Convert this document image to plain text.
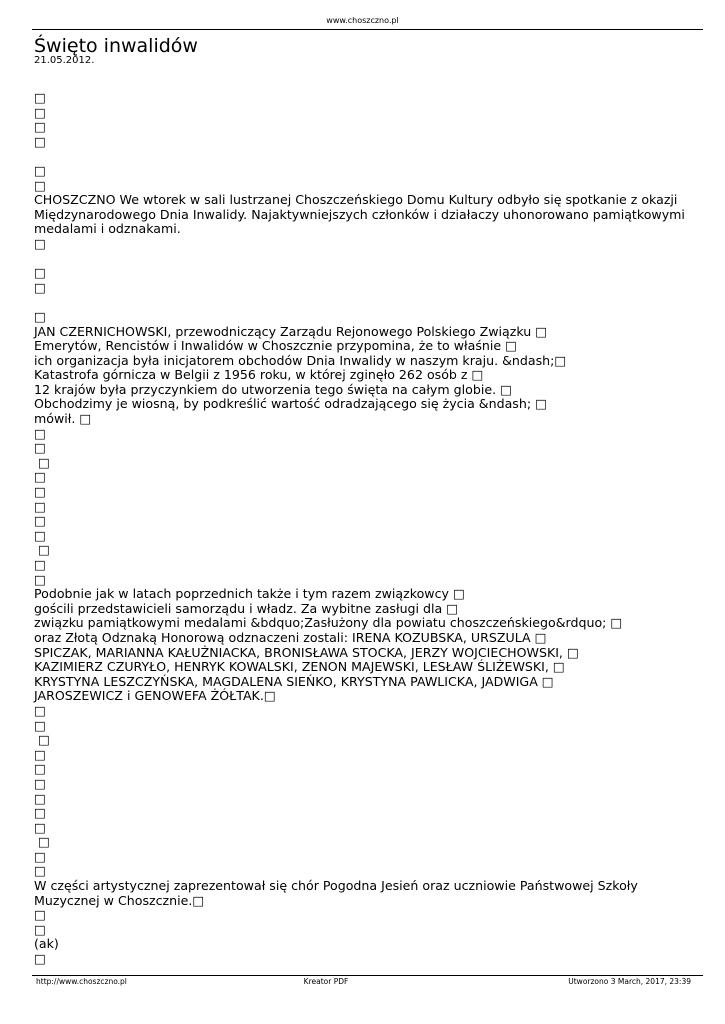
www.choszczno.pl
Święto inwalidów
21.05.2012.
□
□
□
□
□
□
CHOSZCZNO We wtorek w sali lustrzanej Choszczeńskiego Domu Kultury odbyło się spotkanie z okazji Międzynarodowego Dnia Inwalidy. Najaktywniejszych członków i działaczy uhonorowano pamiątkowymi medalami i odznakami.
□
□
□
□
JAN CZERNICHOWSKI, przewodniczący Zarządu Rejonowego Polskiego Związku □
Emerytów, Rencistów i Inwalidów w Choszcznie przypomina, że to właśnie □
ich organizacja była inicjatorem obchodów Dnia Inwalidy w naszym kraju. &ndash;□
Katastrofa górnicza w Belgii z 1956 roku, w której zginęło 262 osób z □
12 krajów była przyczynkiem do utworzenia tego święta na całym globie. □
Obchodzimy je wiosną, by podkreślić wartość odradzającego się życia &ndash; □
mówił. □
□
□
□
□
□
□
□
□
□
□
□
Podobnie jak w latach poprzednich także i tym razem związkowcy □
gościli przedstawicieli samorządu i władz. Za wybitne zasługi dla □
związku pamiątkowymi medalami &bdquo;Zasłużony dla powiatu choszczeńskiego&rdquo; □
oraz Złotą Odznaką Honorową odznaczeni zostali: IRENA KOZUBSKA, URSZULA □
SPICZAK, MARIANNA KAŁUŻNIACKA, BRONISŁAWA STOCKA, JERZY WOJCIECHOWSKI, □
KAZIMIERZ CZURYŁO, HENRYK KOWALSKI, ZENON MAJEWSKI, LESŁAW ŚLIŻEWSKI, □
KRYSTYNA LESZCZYŃSKA, MAGDALENA SIEŃKO, KRYSTYNA PAWLICKA, JADWIGA □
JAROSZEWICZ i GENOWEFA ŻÓŁTAK.□
□
□
□
□
□
□
□
□
□
□
□
□
W części artystycznej zaprezentował się chór Pogodna Jesień oraz uczniowie Państwowej Szkoły Muzycznej w Choszcznie.□
□
□
(ak)
□
http://www.choszczno.pl	Kreator PDF	Utworzono 3 March, 2017, 23:39
